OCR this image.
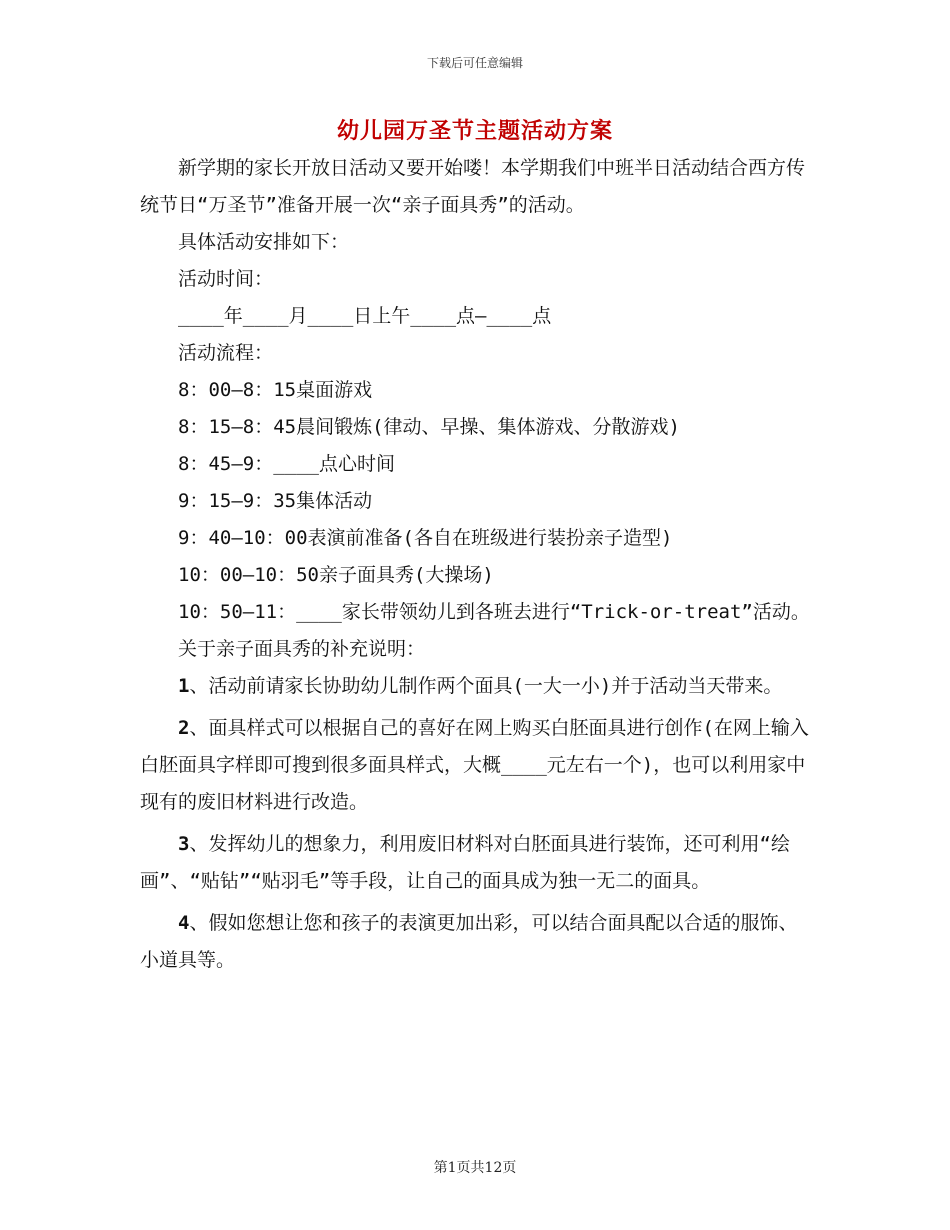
下载后可任意编辑
幼儿园万圣节主题活动方案

新学期的家长开放日活动又要开始喽！本学期我们中班半日活动结合西方传统节日“万圣节”准备开展一次“亲子面具秀”的活动。

具体活动安排如下：

活动时间：

____年____月____日上午____点—____点

活动流程：

8：00—8：15桌面游戏

8：15—8：45晨间锻炼(律动、早操、集体游戏、分散游戏)

8：45—9：____点心时间

9：15—9：35集体活动

9：40—10：00表演前准备(各自在班级进行装扮亲子造型)

10：00—10：50亲子面具秀(大操场)

10：50—11：____家长带领幼儿到各班去进行“Trick-or-treat”活动。

关于亲子面具秀的补充说明：

1、活动前请家长协助幼儿制作两个面具(一大一小)并于活动当天带来。

2、面具样式可以根据自己的喜好在网上购买白胚面具进行创作(在网上输入白胚面具字样即可搜到很多面具样式，大概____元左右一个)，也可以利用家中现有的废旧材料进行改造。

3、发挥幼儿的想象力，利用废旧材料对白胚面具进行装饰，还可利用“绘画”、“贴钻”“贴羽毛”等手段，让自己的面具成为独一无二的面具。

4、假如您想让您和孩子的表演更加出彩，可以结合面具配以合适的服饰、小道具等。

第1页共12页
